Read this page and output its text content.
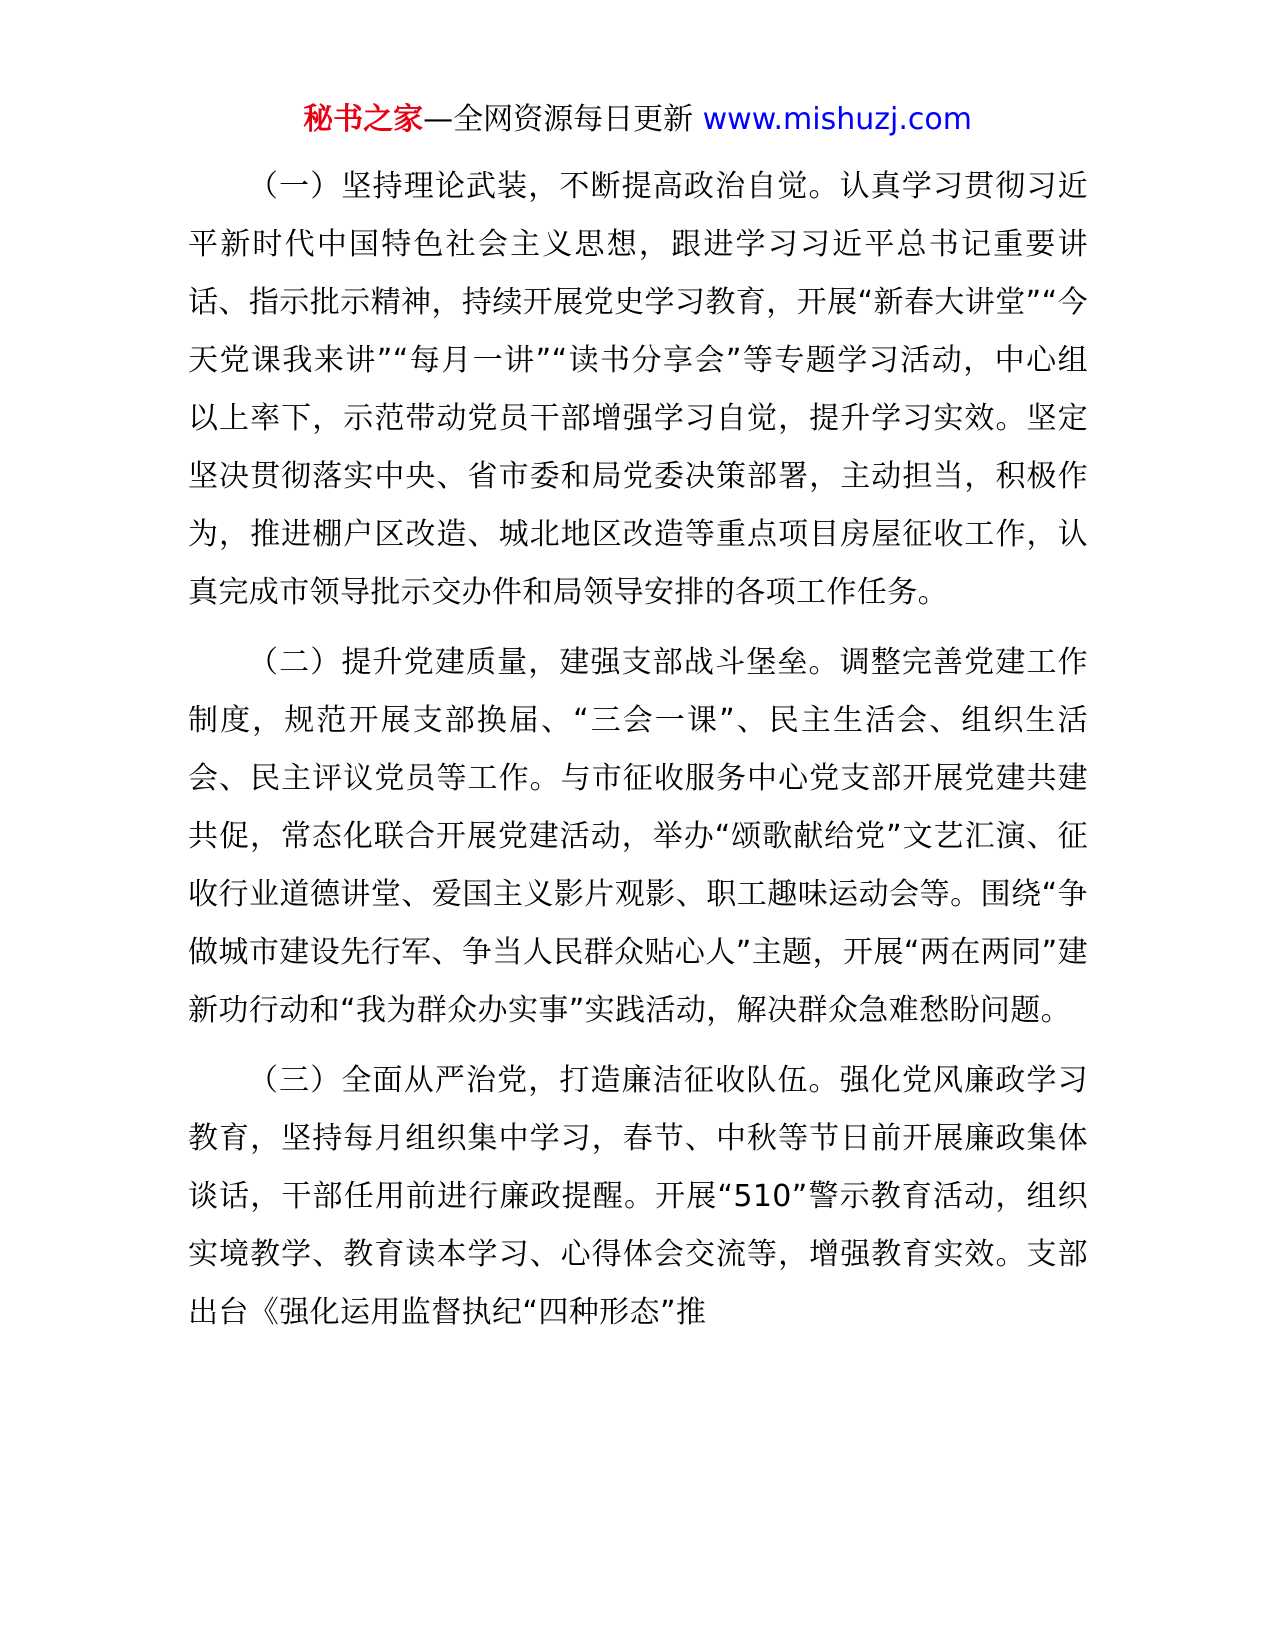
秘书之家—全网资源每日更新 www.mishuzj.com

（一）坚持理论武装，不断提高政治自觉。认真学习贯彻习近平新时代中国特色社会主义思想，跟进学习习近平总书记重要讲话、指示批示精神，持续开展党史学习教育，开展“新春大讲堂”“今天党课我来讲”“每月一讲”“读书分享会”等专题学习活动，中心组以上率下，示范带动党员干部增强学习自觉，提升学习实效。坚定坚决贯彻落实中央、省市委和局党委决策部署，主动担当，积极作为，推进棚户区改造、城北地区改造等重点项目房屋征收工作，认真完成市领导批示交办件和局领导安排的各项工作任务。

（二）提升党建质量，建强支部战斗堡垒。调整完善党建工作制度，规范开展支部换届、“三会一课”、民主生活会、组织生活会、民主评议党员等工作。与市征收服务中心党支部开展党建共建共促，常态化联合开展党建活动，举办“颂歌献给党”文艺汇演、征收行业道德讲堂、爱国主义影片观影、职工趣味运动会等。围绕“争做城市建设先行军、争当人民群众贴心人”主题，开展“两在两同”建新功行动和“我为群众办实事”实践活动，解决群众急难愁盼问题。

（三）全面从严治党，打造廉洁征收队伍。强化党风廉政学习教育，坚持每月组织集中学习，春节、中秋等节日前开展廉政集体谈话，干部任用前进行廉政提醒。开展“510”警示教育活动，组织实境教学、教育读本学习、心得体会交流等，增强教育实效。支部出台《强化运用监督执纪“四种形态”推
